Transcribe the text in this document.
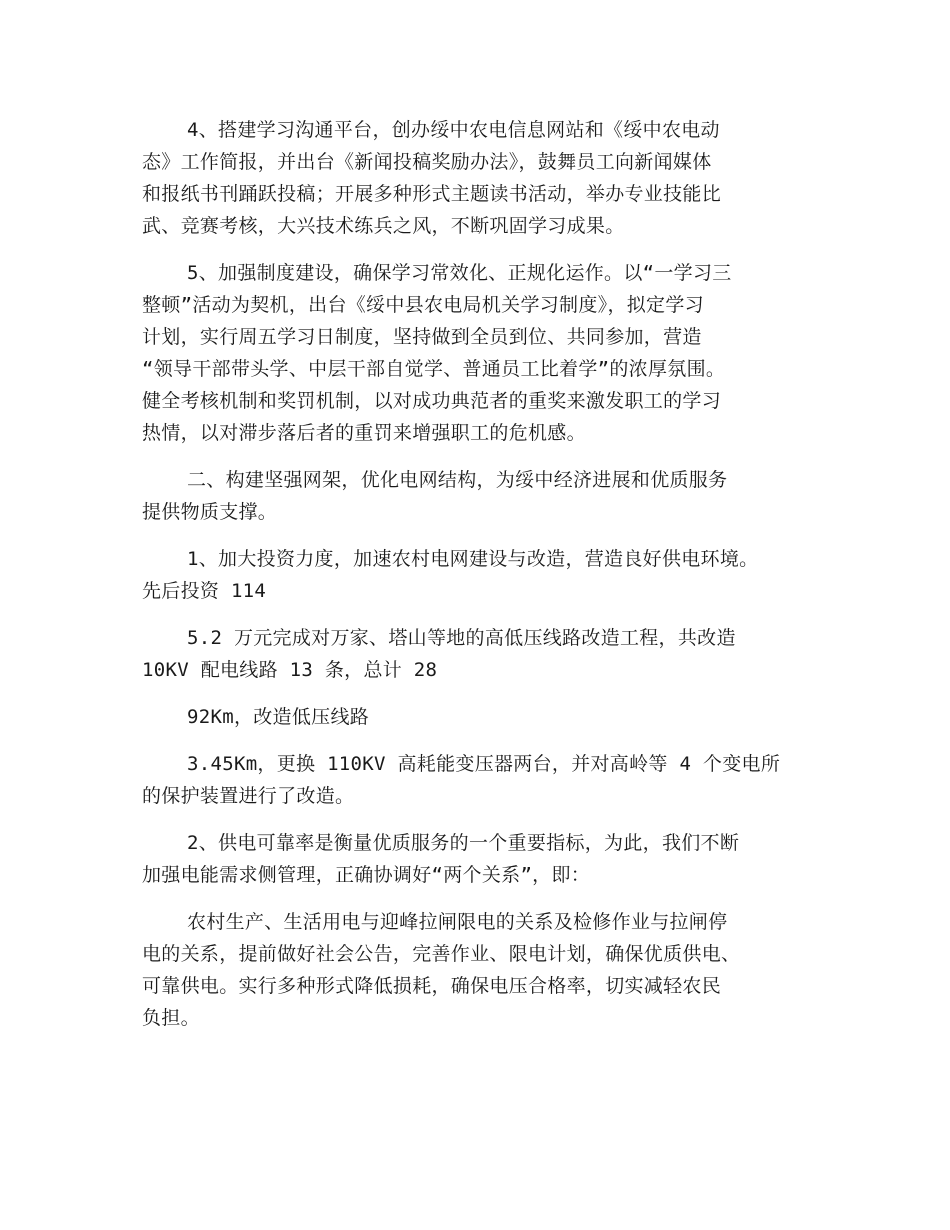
4、搭建学习沟通平台，创办绥中农电信息网站和《绥中农电动
态》工作简报，并出台《新闻投稿奖励办法》，鼓舞员工向新闻媒体
和报纸书刊踊跃投稿；开展多种形式主题读书活动，举办专业技能比
武、竞赛考核，大兴技术练兵之风，不断巩固学习成果。
5、加强制度建设，确保学习常效化、正规化运作。以“一学习三
整顿”活动为契机，出台《绥中县农电局机关学习制度》，拟定学习
计划，实行周五学习日制度，坚持做到全员到位、共同参加，营造
“领导干部带头学、中层干部自觉学、普通员工比着学”的浓厚氛围。
健全考核机制和奖罚机制，以对成功典范者的重奖来激发职工的学习
热情，以对滞步落后者的重罚来增强职工的危机感。
二、构建坚强网架，优化电网结构，为绥中经济进展和优质服务
提供物质支撑。
1、加大投资力度，加速农村电网建设与改造，营造良好供电环境。
先后投资 114
5.2 万元完成对万家、塔山等地的高低压线路改造工程，共改造
10KV 配电线路 13 条，总计 28
92Km，改造低压线路
3.45Km，更换 110KV 高耗能变压器两台，并对高岭等 4 个变电所
的保护装置进行了改造。
2、供电可靠率是衡量优质服务的一个重要指标，为此，我们不断
加强电能需求侧管理，正确协调好“两个关系”，即：
农村生产、生活用电与迎峰拉闸限电的关系及检修作业与拉闸停
电的关系，提前做好社会公告，完善作业、限电计划，确保优质供电、
可靠供电。实行多种形式降低损耗，确保电压合格率，切实减轻农民
负担。
